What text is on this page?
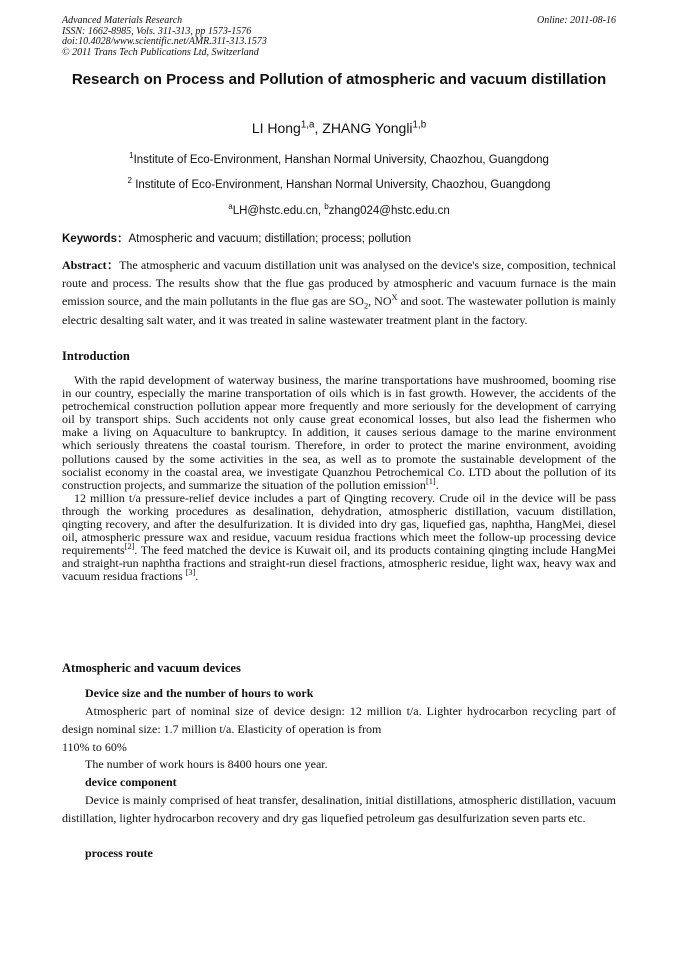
Advanced Materials Research
ISSN: 1662-8985, Vols. 311-313, pp 1573-1576
doi:10.4028/www.scientific.net/AMR.311-313.1573
© 2011 Trans Tech Publications Ltd, Switzerland
Online: 2011-08-16
Research on Process and Pollution of atmospheric and vacuum distillation
LI Hong$^{1,a}$, ZHANG Yongli$^{1,b}$
$^1$Institute of Eco-Environment, Hanshan Normal University, Chaozhou, Guangdong
$^2$ Institute of Eco-Environment, Hanshan Normal University, Chaozhou, Guangdong
$^a$LH@hstc.edu.cn, $^b$zhang024@hstc.edu.cn
Keywords：Atmospheric and vacuum; distillation; process; pollution
Abstract：The atmospheric and vacuum distillation unit was analysed on the device's size, composition, technical route and process. The results show that the flue gas produced by atmospheric and vacuum furnace is the main emission source, and the main pollutants in the flue gas are $SO_2$, $NO^X$ and soot. The wastewater pollution is mainly electric desalting salt water, and it was treated in saline wastewater treatment plant in the factory.
Introduction

With the rapid development of waterway business, the marine transportations have mushroomed, booming rise in our country, especially the marine transportation of oils which is in fast growth. However, the accidents of the petrochemical construction pollution appear more frequently and more seriously for the development of carrying oil by transport ships. Such accidents not only cause great economical losses, but also lead the fishermen who make a living on Aquaculture to bankruptcy. In addition, it causes serious damage to the marine environment which seriously threatens the coastal tourism. Therefore, in order to protect the marine environment, avoiding pollutions caused by the some activities in the sea, as well as to promote the sustainable development of the socialist economy in the coastal area, we investigate Quanzhou Petrochemical Co. LTD about the pollution of its construction projects, and summarize the situation of the pollution emission[1].

12 million t/a pressure-relief device includes a part of Qingting recovery. Crude oil in the device will be pass through the working procedures as desalination, dehydration, atmospheric distillation, vacuum distillation, qingting recovery, and after the desulfurization. It is divided into dry gas, liquefied gas, naphtha, HangMei, diesel oil, atmospheric pressure wax and residue, vacuum residua fractions which meet the follow-up processing device requirements[2]. The feed matched the device is Kuwait oil, and its products containing qingting include HangMei and straight-run naphtha fractions and straight-run diesel fractions, atmospheric residue, light wax, heavy wax and vacuum residua fractions [3].

Atmospheric and vacuum devices
Device size and the number of hours to work

Atmospheric part of nominal size of device design: 12 million t/a. Lighter hydrocarbon recycling part of design nominal size: 1.7 million t/a. Elasticity of operation is from

110% to 60%

The number of work hours is 8400 hours one year.

device component

Device is mainly comprised of heat transfer, desalination, initial distillations, atmospheric distillation, vacuum distillation, lighter hydrocarbon recovery and dry gas liquefied petroleum gas desulfurization seven parts etc.

process route
